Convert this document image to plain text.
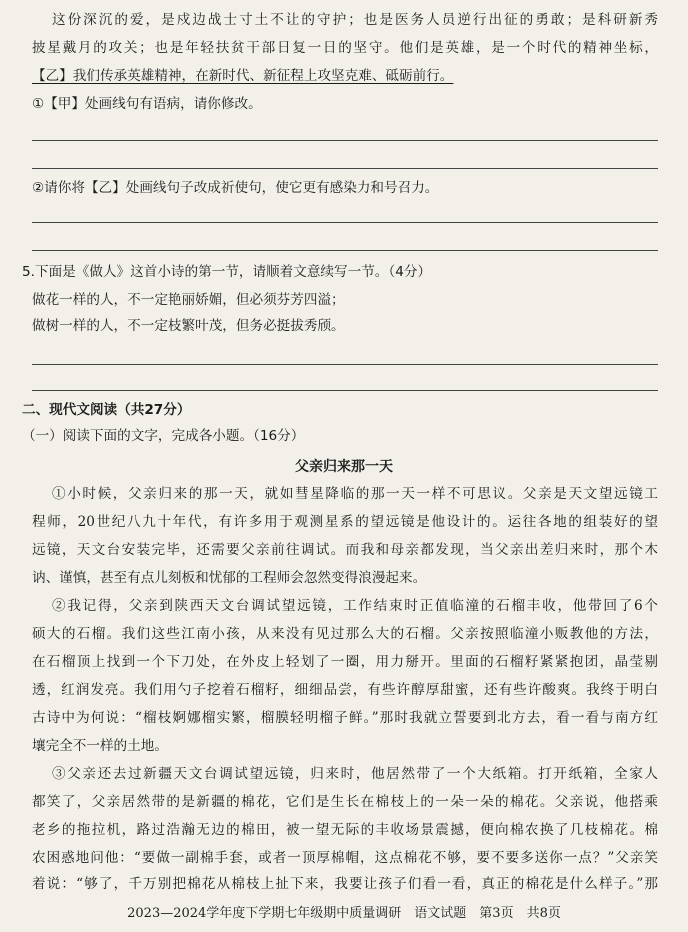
这份深沉的爱，是戍边战士寸土不让的守护；也是医务人员逆行出征的勇敢；是科研新秀
披星戴月的攻关；也是年轻扶贫干部日复一日的坚守。他们是英雄，是一个时代的精神坐标，
【乙】我们传承英雄精神，在新时代、新征程上攻坚克难、砥砺前行。
①【甲】处画线句有语病，请你修改。
②请你将【乙】处画线句子改成祈使句，使它更有感染力和号召力。
5.下面是《做人》这首小诗的第一节，请顺着文意续写一节。（4分）
做花一样的人，不一定艳丽娇媚，但必须芬芳四溢；
做树一样的人，不一定枝繁叶茂，但务必挺拔秀颀。
二、现代文阅读（共27分）
（一）阅读下面的文字，完成各小题。（16分）
父亲归来那一天
①小时候，父亲归来的那一天，就如彗星降临的那一天一样不可思议。父亲是天文望远镜工
程师，20世纪八九十年代，有许多用于观测星系的望远镜是他设计的。运往各地的组装好的望
远镜，天文台安装完毕，还需要父亲前往调试。而我和母亲都发现，当父亲出差归来时，那个木
讷、谨慎，甚至有点儿刻板和忧郁的工程师会忽然变得浪漫起来。
②我记得，父亲到陕西天文台调试望远镜，工作结束时正值临潼的石榴丰收，他带回了6个
硕大的石榴。我们这些江南小孩，从来没有见过那么大的石榴。父亲按照临潼小贩教他的方法，
在石榴顶上找到一个下刀处，在外皮上轻划了一圈，用力掰开。里面的石榴籽紧紧抱团，晶莹剔
透，红润发亮。我们用勺子挖着石榴籽，细细品尝，有些许醇厚甜蜜，还有些许酸爽。我终于明白
古诗中为何说：“榴枝婀娜榴实繁，榴膜轻明榴子鲜。”那时我就立誓要到北方去，看一看与南方红
壤完全不一样的土地。
③父亲还去过新疆天文台调试望远镜，归来时，他居然带了一个大纸箱。打开纸箱，全家人
都笑了，父亲居然带的是新疆的棉花，它们是生长在棉枝上的一朵一朵的棉花。父亲说，他搭乘
老乡的拖拉机，路过浩瀚无边的棉田，被一望无际的丰收场景震撼，便向棉农换了几枝棉花。棉
农困惑地问他：“要做一副棉手套，或者一顶厚棉帽，这点棉花不够，要不要多送你一点？”父亲笑
着说：“够了，千万别把棉花从棉枝上扯下来，我要让孩子们看一看，真正的棉花是什么样子。”那
2023—2024学年度下学期七年级期中质量调研　语文试题　第3页　共8页
